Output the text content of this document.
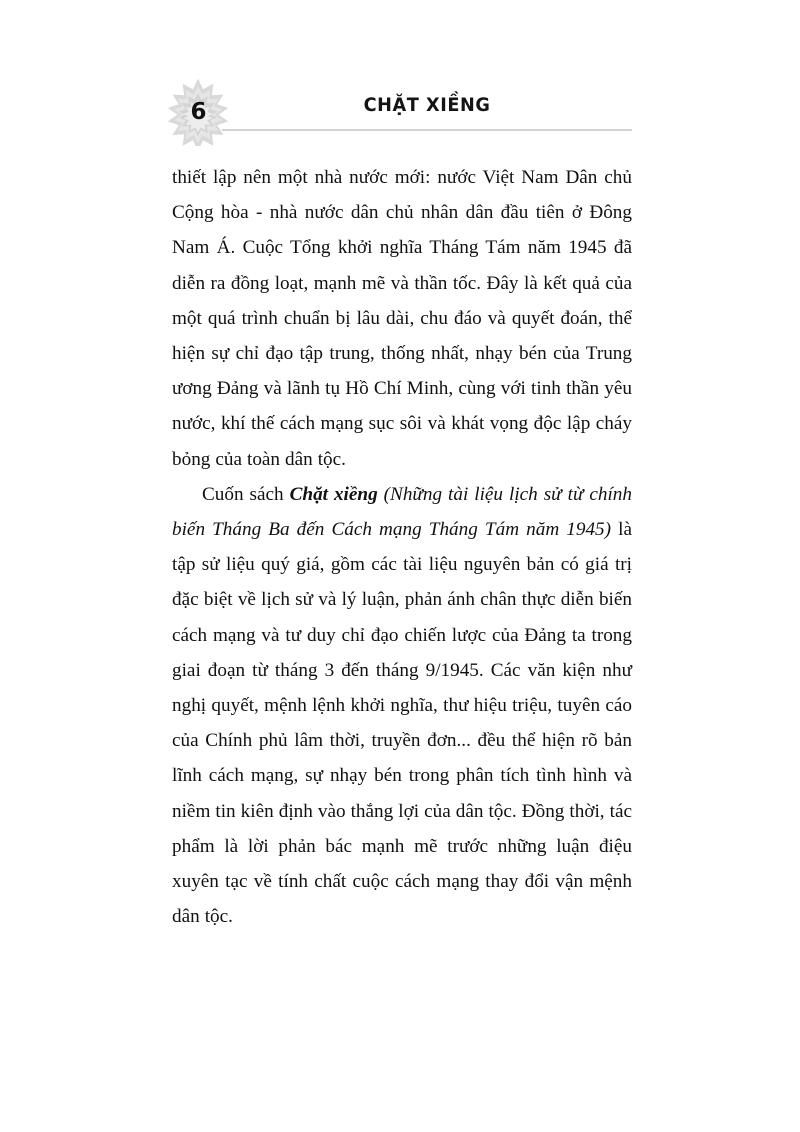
6	CHẶT XIỀNG

thiết lập nên một nhà nước mới: nước Việt Nam Dân chủ Cộng hòa - nhà nước dân chủ nhân dân đầu tiên ở Đông Nam Á. Cuộc Tổng khởi nghĩa Tháng Tám năm 1945 đã diễn ra đồng loạt, mạnh mẽ và thần tốc. Đây là kết quả của một quá trình chuẩn bị lâu dài, chu đáo và quyết đoán, thể hiện sự chỉ đạo tập trung, thống nhất, nhạy bén của Trung ương Đảng và lãnh tụ Hồ Chí Minh, cùng với tinh thần yêu nước, khí thế cách mạng sục sôi và khát vọng độc lập cháy bỏng của toàn dân tộc.

Cuốn sách Chặt xiềng (Những tài liệu lịch sử từ chính biến Tháng Ba đến Cách mạng Tháng Tám năm 1945) là tập sử liệu quý giá, gồm các tài liệu nguyên bản có giá trị đặc biệt về lịch sử và lý luận, phản ánh chân thực diễn biến cách mạng và tư duy chỉ đạo chiến lược của Đảng ta trong giai đoạn từ tháng 3 đến tháng 9/1945. Các văn kiện như nghị quyết, mệnh lệnh khởi nghĩa, thư hiệu triệu, tuyên cáo của Chính phủ lâm thời, truyền đơn... đều thể hiện rõ bản lĩnh cách mạng, sự nhạy bén trong phân tích tình hình và niềm tin kiên định vào thắng lợi của dân tộc. Đồng thời, tác phẩm là lời phản bác mạnh mẽ trước những luận điệu xuyên tạc về tính chất cuộc cách mạng thay đổi vận mệnh dân tộc.
